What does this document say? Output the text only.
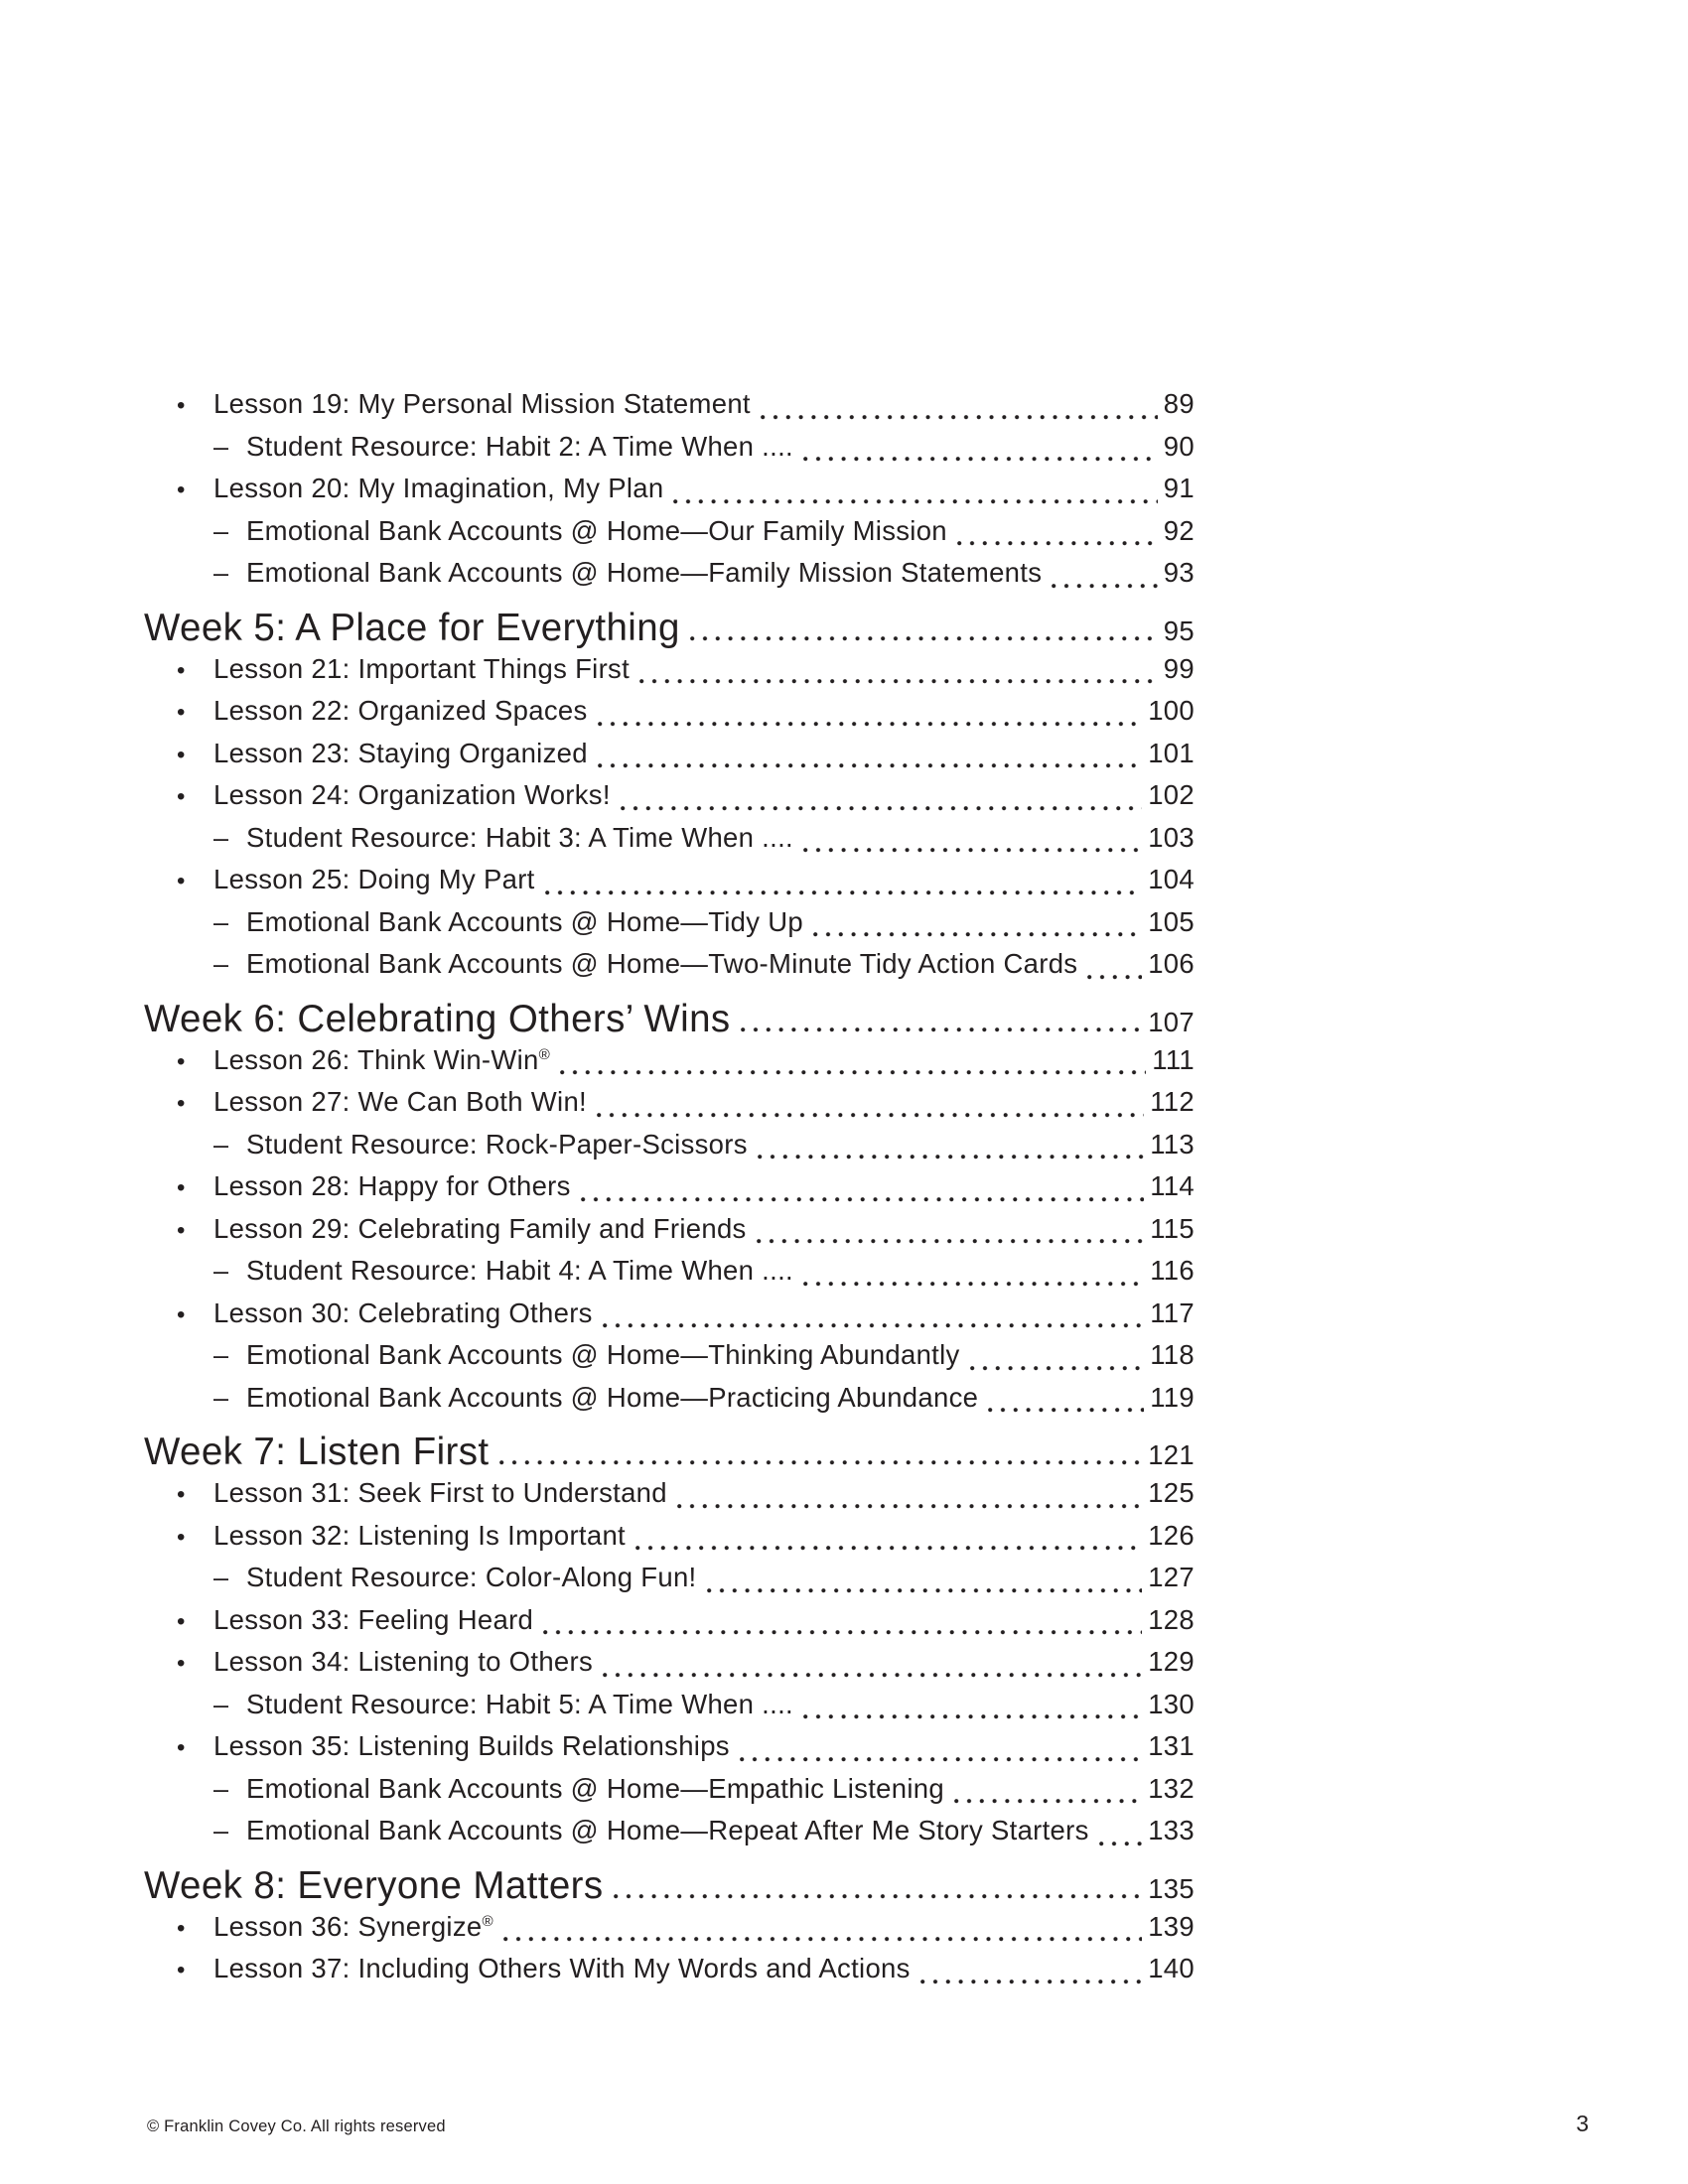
•	Lesson 19: My Personal Mission Statement	89
– Student Resource: Habit 2: A Time When ....	90
•	Lesson 20: My Imagination, My Plan	91
– Emotional Bank Accounts @ Home—Our Family Mission	92
– Emotional Bank Accounts @ Home—Family Mission Statements	93
Week 5: A Place for Everything	95
•	Lesson 21: Important Things First	99
•	Lesson 22: Organized Spaces	100
•	Lesson 23: Staying Organized	101
•	Lesson 24: Organization Works!	102
– Student Resource: Habit 3: A Time When ....	103
•	Lesson 25: Doing My Part	104
– Emotional Bank Accounts @ Home—Tidy Up	105
– Emotional Bank Accounts @ Home—Two-Minute Tidy Action Cards	106
Week 6: Celebrating Others’ Wins	107
•	Lesson 26: Think Win-Win®	111
•	Lesson 27: We Can Both Win!	112
– Student Resource: Rock-Paper-Scissors	113
•	Lesson 28: Happy for Others	114
•	Lesson 29: Celebrating Family and Friends	115
– Student Resource: Habit 4: A Time When ....	116
•	Lesson 30: Celebrating Others	117
– Emotional Bank Accounts @ Home—Thinking Abundantly	118
– Emotional Bank Accounts @ Home—Practicing Abundance	119
Week 7: Listen First	121
•	Lesson 31: Seek First to Understand	125
•	Lesson 32: Listening Is Important	126
– Student Resource: Color-Along Fun!	127
•	Lesson 33: Feeling Heard	128
•	Lesson 34: Listening to Others	129
– Student Resource: Habit 5: A Time When ....	130
•	Lesson 35: Listening Builds Relationships	131
– Emotional Bank Accounts @ Home—Empathic Listening	132
– Emotional Bank Accounts @ Home—Repeat After Me Story Starters 133
Week 8: Everyone Matters	135
•	Lesson 36: Synergize®	139
•	Lesson 37: Including Others With My Words and Actions	140
© Franklin Covey Co. All rights reserved	3
